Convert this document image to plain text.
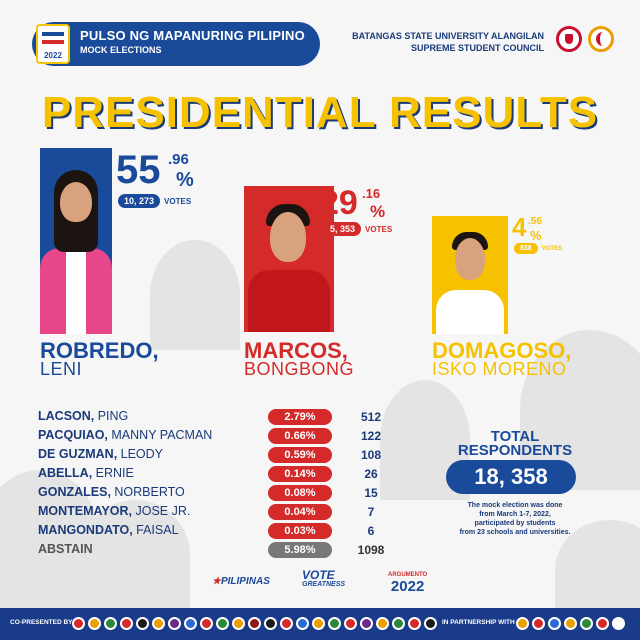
2022
PULSO NG MAPANURING PILIPINO
MOCK ELECTIONS
BATANGAS STATE UNIVERSITY ALANGILAN
SUPREME STUDENT COUNCIL
PRESIDENTIAL RESULTS
55 .96
%
10, 273	VOTES
ROBREDO,
LENI
29 .16
%
5, 353	VOTES
MARCOS,
BONGBONG
4 .56
%
838	VOTES
DOMAGOSO,
ISKO MORENO
LACSON, PING	2.79%	512
PACQUIAO, MANNY PACMAN	0.66%	122
DE GUZMAN, LEODY	0.59%	108
ABELLA, ERNIE	0.14%	26
GONZALES, NORBERTO	0.08%	15
MONTEMAYOR, JOSE JR.	0.04%	7
MANGONDATO, FAISAL	0.03%	6
ABSTAIN	5.98%	1098
TOTAL
RESPONDENTS
18, 358
The mock election was done
from March 1-7, 2022,
participated by students
from 23 schools and universities.
★PILIPINAS	VOTE
GREATNESS
ARGUMENTO
2022
CO-PRESENTED BY	IN PARTNERSHIP WITH
